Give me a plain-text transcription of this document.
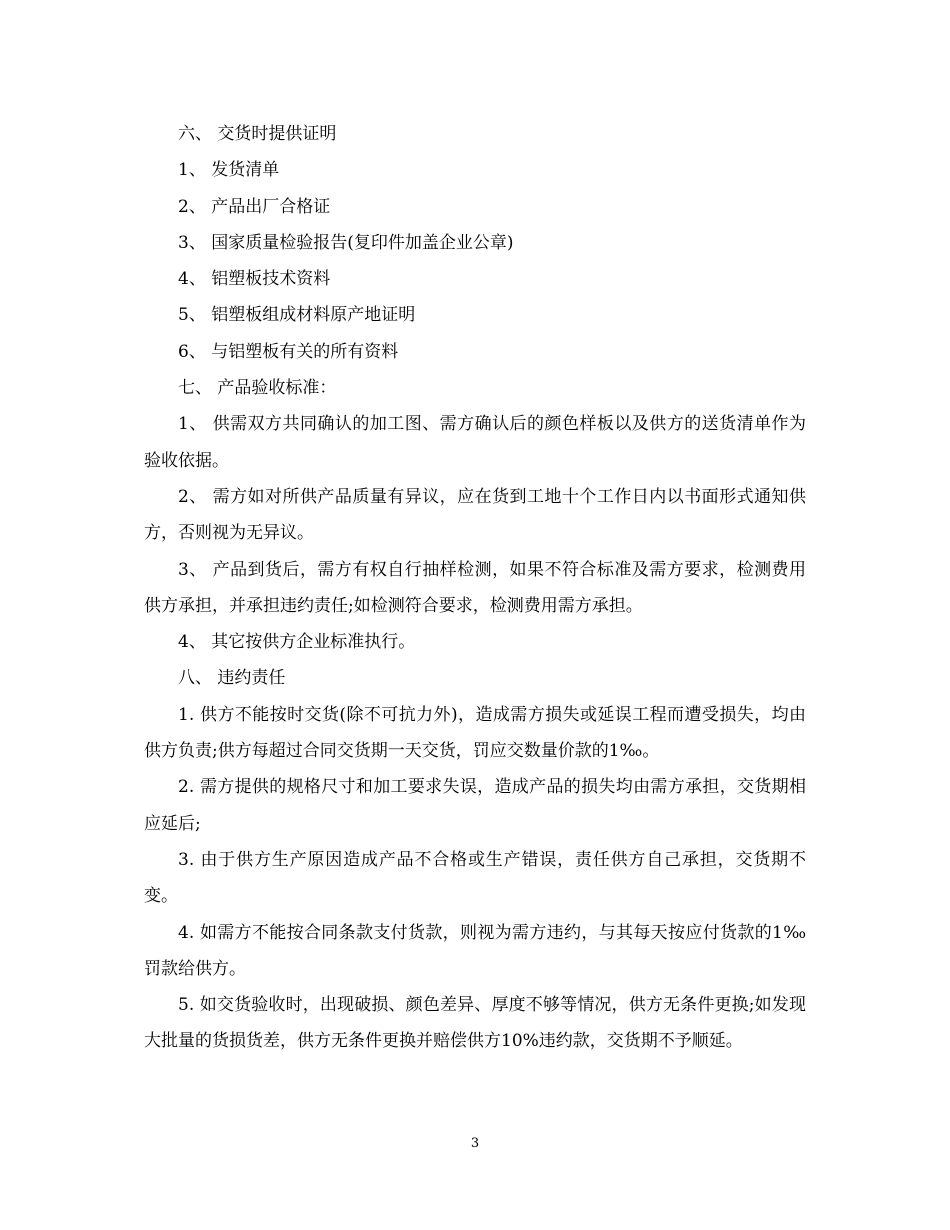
六、 交货时提供证明

1、 发货清单

2、 产品出厂合格证

3、 国家质量检验报告(复印件加盖企业公章)

4、 铝塑板技术资料

5、 铝塑板组成材料原产地证明

6、 与铝塑板有关的所有资料

七、 产品验收标准：

1、 供需双方共同确认的加工图、需方确认后的颜色样板以及供方的送货清单作为验收依据。

2、 需方如对所供产品质量有异议，应在货到工地十个工作日内以书面形式通知供方，否则视为无异议。

3、 产品到货后，需方有权自行抽样检测，如果不符合标准及需方要求，检测费用供方承担，并承担违约责任;如检测符合要求，检测费用需方承担。

4、 其它按供方企业标准执行。

八、 违约责任

1. 供方不能按时交货(除不可抗力外)，造成需方损失或延误工程而遭受损失，均由供方负责;供方每超过合同交货期一天交货，罚应交数量价款的1‰。

2. 需方提供的规格尺寸和加工要求失误，造成产品的损失均由需方承担，交货期相应延后;

3. 由于供方生产原因造成产品不合格或生产错误，责任供方自己承担，交货期不变。

4. 如需方不能按合同条款支付货款，则视为需方违约，与其每天按应付货款的1‰罚款给供方。

5. 如交货验收时，出现破损、颜色差异、厚度不够等情况，供方无条件更换;如发现大批量的货损货差，供方无条件更换并赔偿供方10%违约款，交货期不予顺延。

3
